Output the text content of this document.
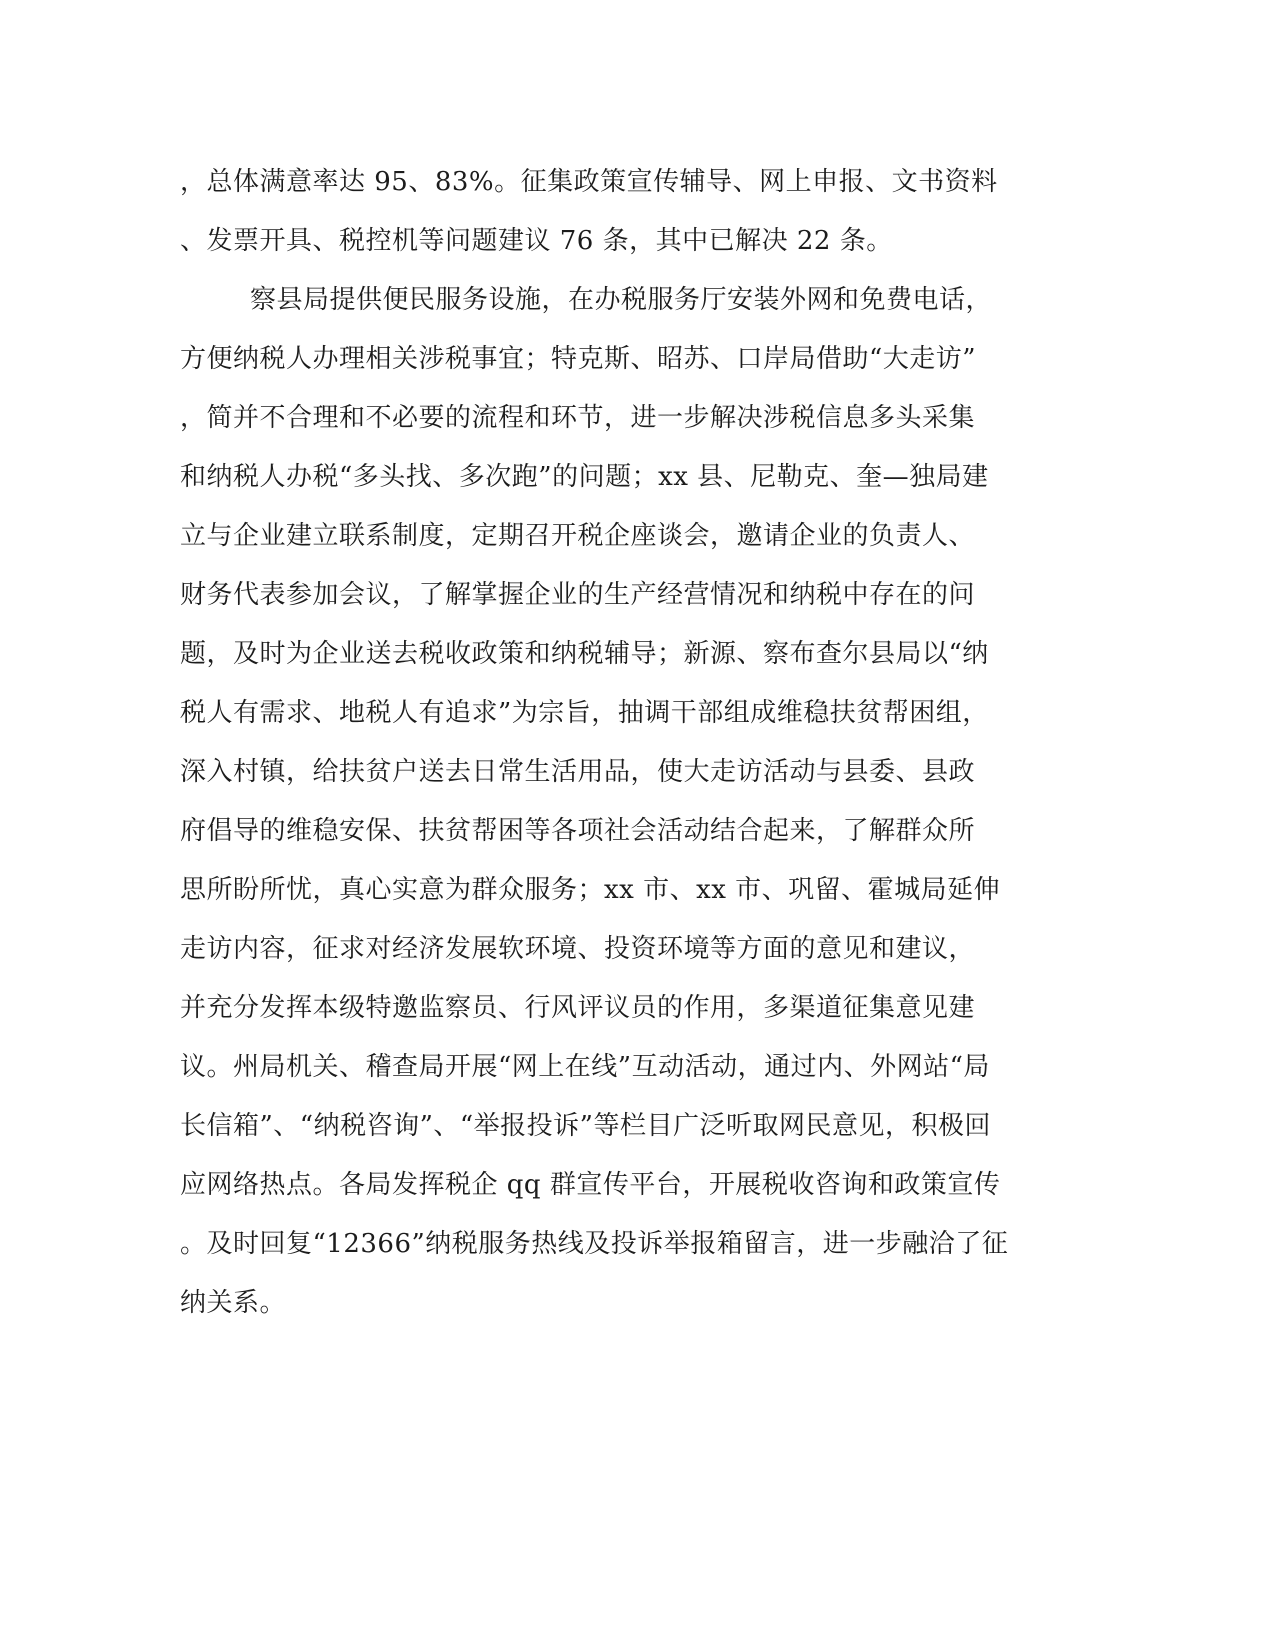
，总体满意率达 95、83%。征集政策宣传辅导、网上申报、文书资料
、发票开具、税控机等问题建议 76 条，其中已解决 22 条。
察县局提供便民服务设施，在办税服务厅安装外网和免费电话，
方便纳税人办理相关涉税事宜；特克斯、昭苏、口岸局借助“大走访”
，简并不合理和不必要的流程和环节，进一步解决涉税信息多头采集
和纳税人办税“多头找、多次跑”的问题；xx 县、尼勒克、奎—独局建
立与企业建立联系制度，定期召开税企座谈会，邀请企业的负责人、
财务代表参加会议，了解掌握企业的生产经营情况和纳税中存在的问
题，及时为企业送去税收政策和纳税辅导；新源、察布查尔县局以“纳
税人有需求、地税人有追求”为宗旨，抽调干部组成维稳扶贫帮困组，
深入村镇，给扶贫户送去日常生活用品，使大走访活动与县委、县政
府倡导的维稳安保、扶贫帮困等各项社会活动结合起来，了解群众所
思所盼所忧，真心实意为群众服务；xx 市、xx 市、巩留、霍城局延伸
走访内容，征求对经济发展软环境、投资环境等方面的意见和建议，
并充分发挥本级特邀监察员、行风评议员的作用，多渠道征集意见建
议。州局机关、稽查局开展“网上在线”互动活动，通过内、外网站“局
长信箱”、“纳税咨询”、“举报投诉”等栏目广泛听取网民意见，积极回
应网络热点。各局发挥税企 qq 群宣传平台，开展税收咨询和政策宣传
。及时回复“12366”纳税服务热线及投诉举报箱留言，进一步融洽了征
纳关系。
